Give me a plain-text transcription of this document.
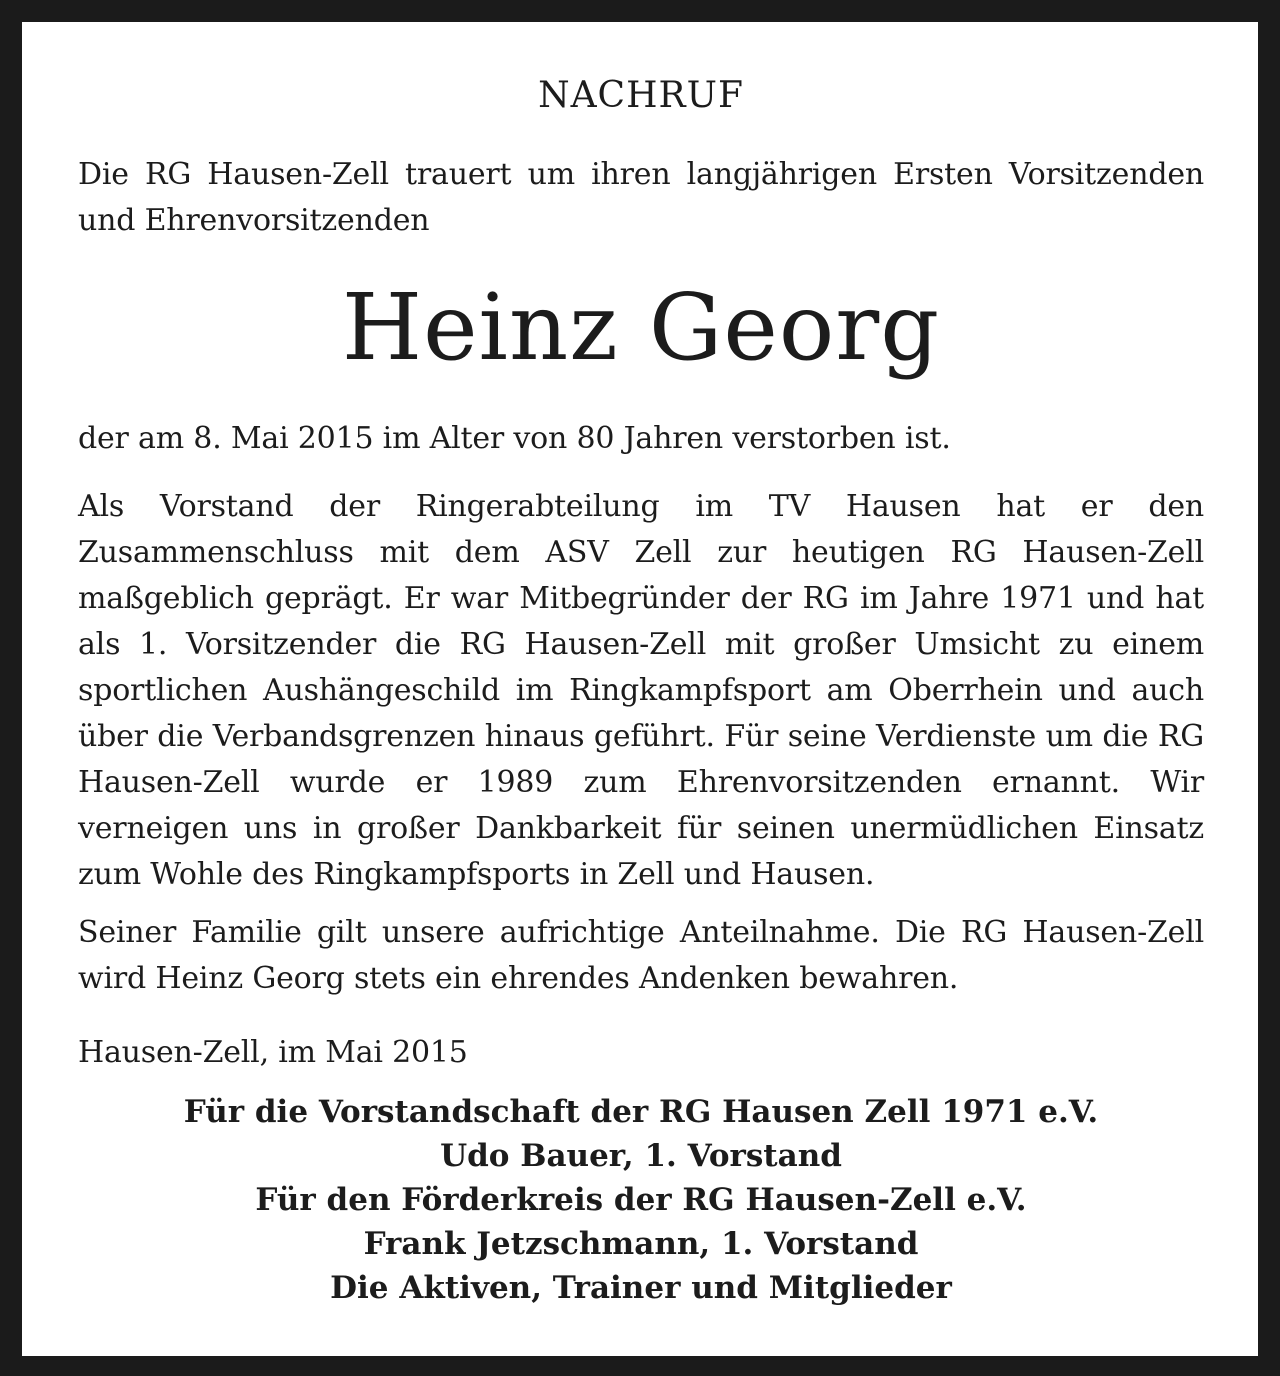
NACHRUF
Die RG Hausen-Zell trauert um ihren langjährigen Ersten Vorsitzenden und Ehrenvorsitzenden
Heinz Georg
der am 8. Mai 2015 im Alter von 80 Jahren verstorben ist.
Als Vorstand der Ringerabteilung im TV Hausen hat er den Zusammenschluss mit dem ASV Zell zur heutigen RG Hausen-Zell maßgeblich geprägt. Er war Mitbegründer der RG im Jahre 1971 und hat als 1. Vorsitzender die RG Hausen-Zell mit großer Umsicht zu einem sportlichen Aushängeschild im Ringkampfsport am Oberrhein und auch über die Verbandsgrenzen hinaus geführt. Für seine Verdienste um die RG Hausen-Zell wurde er 1989 zum Ehrenvorsitzenden ernannt. Wir verneigen uns in großer Dankbarkeit für seinen unermüdlichen Einsatz zum Wohle des Ringkampfsports in Zell und Hausen.
Seiner Familie gilt unsere aufrichtige Anteilnahme. Die RG Hausen-Zell wird Heinz Georg stets ein ehrendes Andenken bewahren.
Hausen-Zell, im Mai 2015
Für die Vorstandschaft der RG Hausen Zell 1971 e.V.
Udo Bauer, 1. Vorstand
Für den Förderkreis der RG Hausen-Zell e.V.
Frank Jetzschmann, 1. Vorstand
Die Aktiven, Trainer und Mitglieder
